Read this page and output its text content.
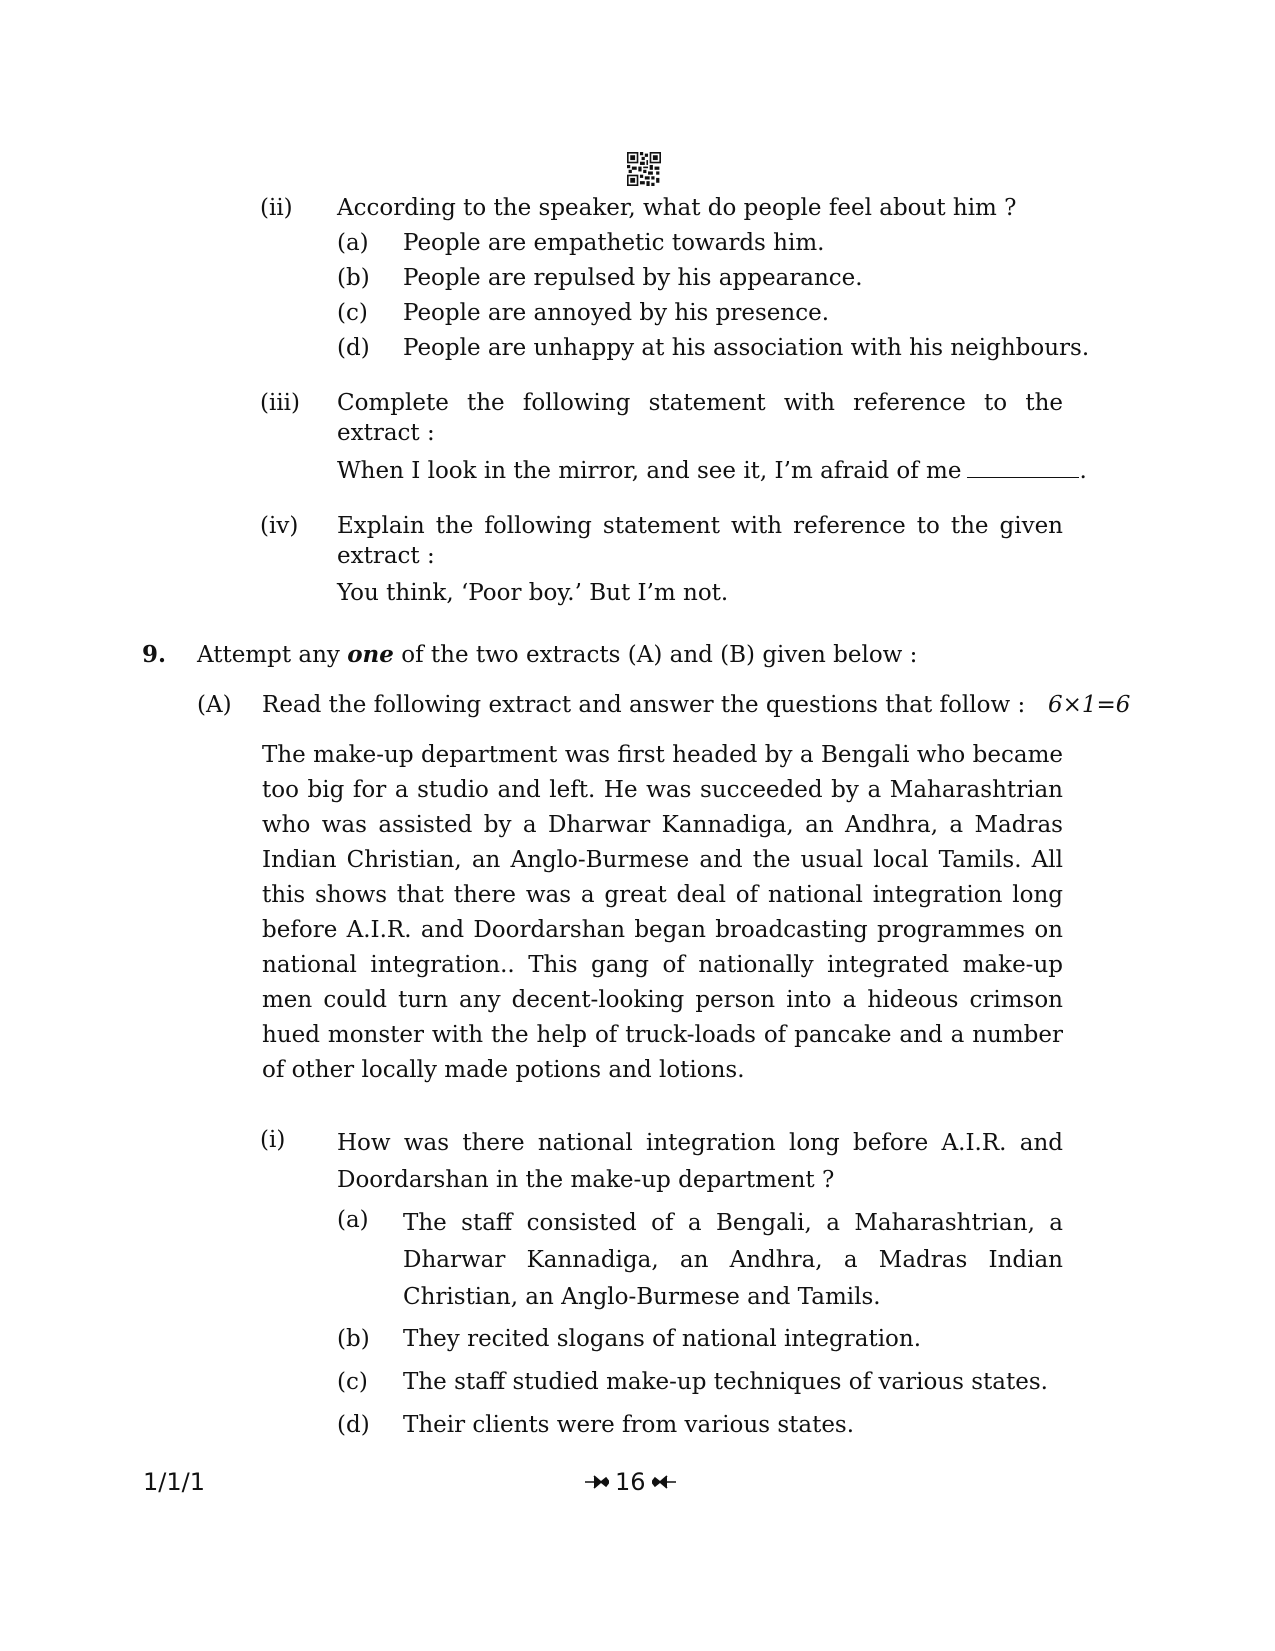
(ii) According to the speaker, what do people feel about him ?
(a) People are empathetic towards him.
(b) People are repulsed by his appearance.
(c) People are annoyed by his presence.
(d) People are unhappy at his association with his neighbours.
(iii) Complete the following statement with reference to the
extract :
When I look in the mirror, and see it, I’m afraid of me	.
(iv) Explain the following statement with reference to the given
extract :
You think, ‘Poor boy.’ But I’m not.
9. Attempt any one of the two extracts (A) and (B) given below :
(A) Read the following extract and answer the questions that follow : 6×1=6
The make-up department was first headed by a Bengali who became
too big for a studio and left. He was succeeded by a Maharashtrian
who was assisted by a Dharwar Kannadiga, an Andhra, a Madras
Indian Christian, an Anglo-Burmese and the usual local Tamils. All
this shows that there was a great deal of national integration long
before A.I.R. and Doordarshan began broadcasting programmes on
national integration.. This gang of nationally integrated make-up
men could turn any decent-looking person into a hideous crimson
hued monster with the help of truck-loads of pancake and a number
of other locally made potions and lotions.
(i) How was there national integration long before A.I.R. and
Doordarshan in the make-up department ?
(a) The staff consisted of a Bengali, a Maharashtrian, a
Dharwar Kannadiga, an Andhra, a Madras Indian
Christian, an Anglo-Burmese and Tamils.
(b) They recited slogans of national integration.
(c) The staff studied make-up techniques of various states.
(d) Their clients were from various states.
1/1/1	16
